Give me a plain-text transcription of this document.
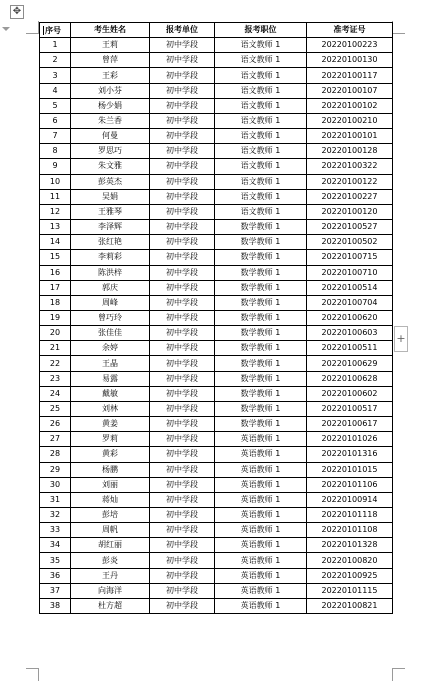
✥
+
序号	考生姓名	报考单位	报考职位	准考证号
1	王莉	初中学段	语文教师 1	20220100223
2	曾萍	初中学段	语文教师 1	20220100130
3	王彩	初中学段	语文教师 1	20220100117
4	刘小芬	初中学段	语文教师 1	20220100107
5	杨少娟	初中学段	语文教师 1	20220100102
6	朱兰香	初中学段	语文教师 1	20220100210
7	何曼	初中学段	语文教师 1	20220100101
8	罗思巧	初中学段	语文教师 1	20220100128
9	朱文雅	初中学段	语文教师 1	20220100322
10	彭英杰	初中学段	语文教师 1	20220100122
11	吴娟	初中学段	语文教师 1	20220100227
12	王雅琴	初中学段	语文教师 1	20220100120
13	李泽辉	初中学段	数学教师 1	20220100527
14	张红艳	初中学段	数学教师 1	20220100502
15	李莉彩	初中学段	数学教师 1	20220100715
16	陈洪梓	初中学段	数学教师 1	20220100710
17	郭庆	初中学段	数学教师 1	20220100514
18	周峰	初中学段	数学教师 1	20220100704
19	曾巧玲	初中学段	数学教师 1	20220100620
20	张佳佳	初中学段	数学教师 1	20220100603
21	余婷	初中学段	数学教师 1	20220100511
22	王晶	初中学段	数学教师 1	20220100629
23	易露	初中学段	数学教师 1	20220100628
24	戴敏	初中学段	数学教师 1	20220100602
25	刘林	初中学段	数学教师 1	20220100517
26	黄姜	初中学段	数学教师 1	20220100617
27	罗莉	初中学段	英语教师 1	20220101026
28	黄彩	初中学段	英语教师 1	20220101316
29	杨鹏	初中学段	英语教师 1	20220101015
30	刘丽	初中学段	英语教师 1	20220101106
31	蒋灿	初中学段	英语教师 1	20220100914
32	彭培	初中学段	英语教师 1	20220101118
33	周帆	初中学段	英语教师 1	20220101108
34	胡红丽	初中学段	英语教师 1	20220101328
35	彭炎	初中学段	英语教师 1	20220100820
36	王丹	初中学段	英语教师 1	20220100925
37	向海洋	初中学段	英语教师 1	20220101115
38	杜方超	初中学段	英语教师 1	20220100821
